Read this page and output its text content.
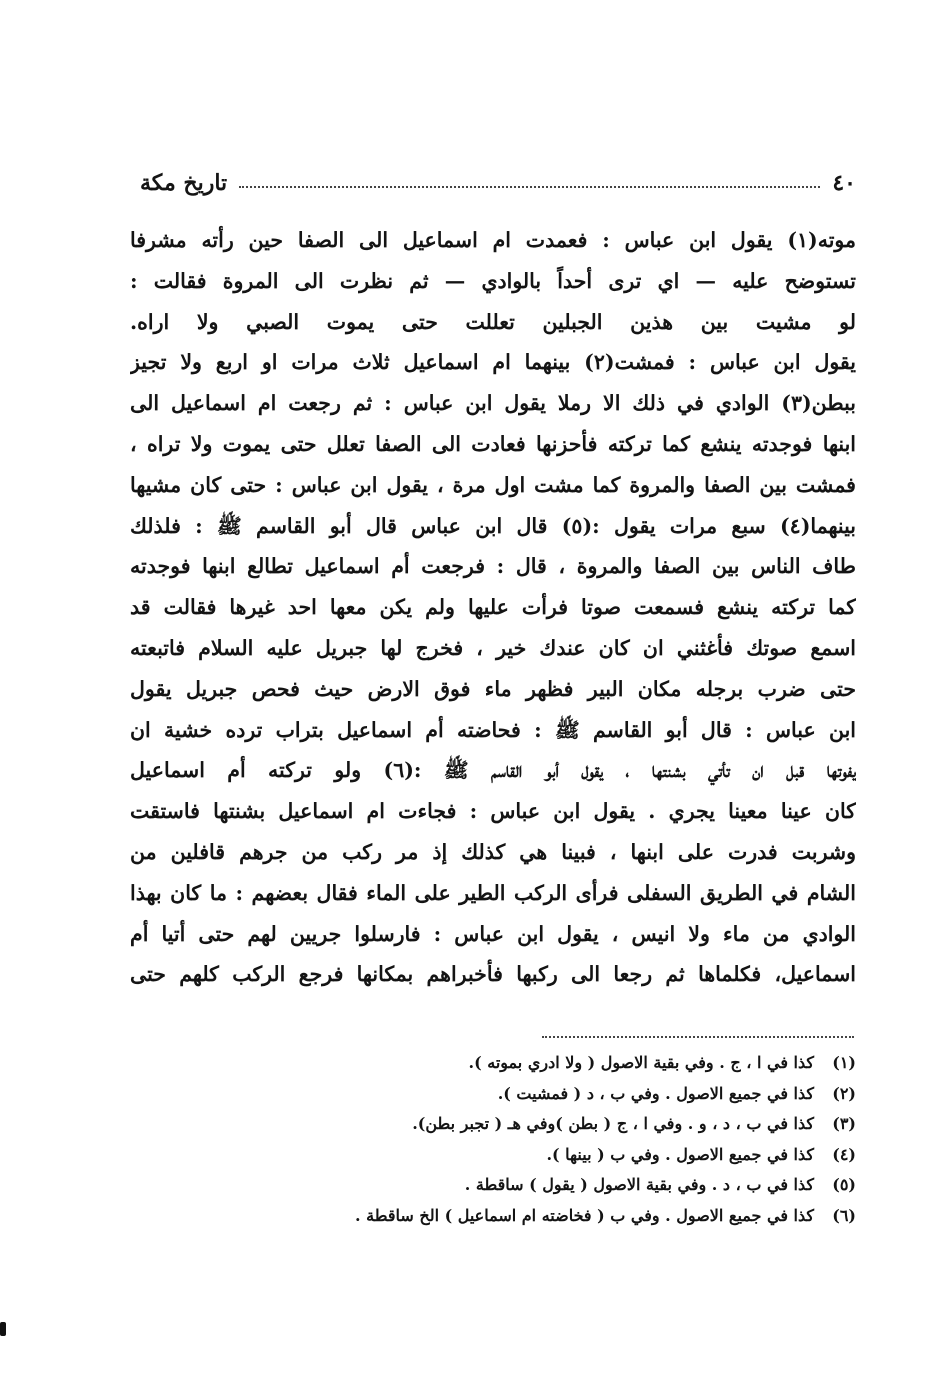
٤٠
تاريخ مكة
موته(١) يقول ابن عباس : فعمدت ام اسماعيل الى الصفا حين رأته مشرفا
تستوضح عليه — اي ترى أحداً بالوادي — ثم نظرت الى المروة فقالت :
لو مشيت بين هذين الجبلين تعللت حتى يموت الصبي ولا اراه.
يقول ابن عباس : فمشت(٢) بينهما ام اسماعيل ثلاث مرات او اربع ولا تجيز
ببطن(٣) الوادي في ذلك الا رملا يقول ابن عباس : ثم رجعت ام اسماعيل الى
ابنها فوجدته ينشع كما تركته فأحزنها فعادت الى الصفا تعلل حتى يموت ولا تراه ،
فمشت بين الصفا والمروة كما مشت اول مرة ، يقول ابن عباس : حتى كان مشيها
بينهما(٤) سبع مرات يقول :(٥) قال ابن عباس قال أبو القاسم ﷺ : فلذلك
طاف الناس بين الصفا والمروة ، قال : فرجعت أم اسماعيل تطالع ابنها فوجدته
كما تركته ينشع فسمعت صوتا فرأت عليها ولم يكن معها احد غيرها فقالت قد
اسمع صوتك فأغثني ان كان عندك خير ، فخرج لها جبريل عليه السلام فاتبعته
حتى ضرب برجله مكان البير فظهر ماء فوق الارض حيث فحص جبريل يقول
ابن عباس : قال أبو القاسم ﷺ : فحاضته أم اسماعيل بتراب ترده خشية ان
يفوتها قبل ان تأتي بشنتها ، يقول أبو القاسم ﷺ :(٦) ولو تركته أم اسماعيل
كان عينا معينا يجري . يقول ابن عباس : فجاءت ام اسماعيل بشنتها فاستقت
وشربت فدرت على ابنها ، فبينا هي كذلك إذ مر ركب من جرهم قافلين من
الشام في الطريق السفلى فرأى الركب الطير على الماء فقال بعضهم : ما كان بهذا
الوادي من ماء ولا انيس ، يقول ابن عباس : فارسلوا جريين لهم حتى أتيا أم
اسماعيل، فكلماها ثم رجعا الى ركبها فأخبراهم بمكانها فرجع الركب كلهم حتى
(١)كذا في ا ، ج . وفي بقية الاصول ( ولا ادري بموته ).
(٢)كذا في جميع الاصول . وفي ب ، د ( فمشيت ).
(٣)كذا في ب ، د ، و . وفي ا ، ج ( بطن )وفي هـ ( تجبر بطن).
(٤)كذا في جميع الاصول . وفي ب ( بينها ).
(٥)كذا في ب ، د . وفي بقية الاصول ( يقول ) ساقطة .
(٦)كذا في جميع الاصول . وفي ب ( فخاضته ام اسماعيل ) الخ ساقطة .
